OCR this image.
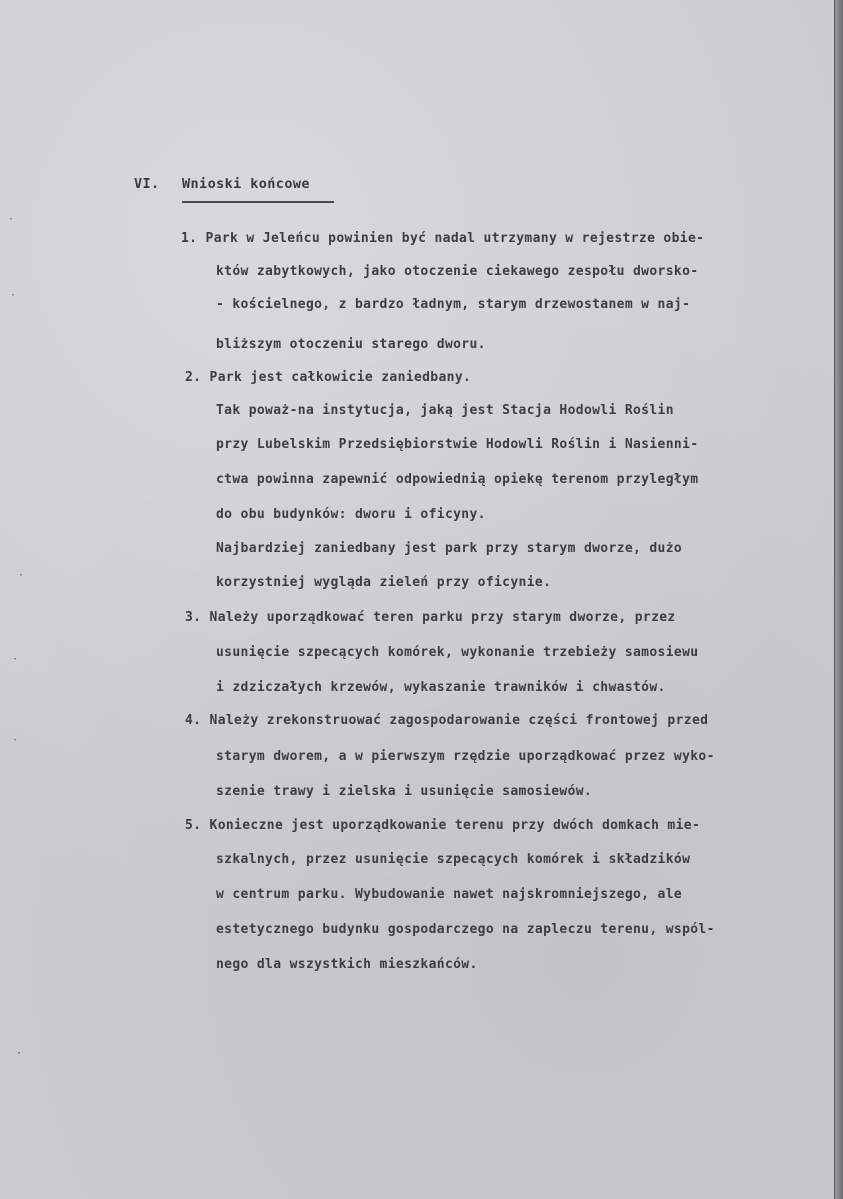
VI. Wnioski końcowe
1. Park w Jeleńcu powinien być nadal utrzymany w rejestrze obie-
któw zabytkowych, jako otoczenie ciekawego zespołu dworsko-
- kościelnego, z bardzo ładnym, starym drzewostanem w naj-
bliższym otoczeniu starego dworu.
2. Park jest całkowicie zaniedbany.
Tak poważ-na instytucja, jaką jest Stacja Hodowli Roślin
przy Lubelskim Przedsiębiorstwie Hodowli Roślin i Nasienni-
ctwa powinna zapewnić odpowiednią opiekę terenom przyległym
do obu budynków: dworu i oficyny.
Najbardziej zaniedbany jest park przy starym dworze, dużo
korzystniej wygląda zieleń przy oficynie.
3. Należy uporządkować teren parku przy starym dworze, przez
usunięcie szpecących komórek, wykonanie trzebieży samosiewu
i zdziczałych krzewów, wykaszanie trawników i chwastów.
4. Należy zrekonstruować zagospodarowanie części frontowej przed
starym dworem, a w pierwszym rzędzie uporządkować przez wyko-
szenie trawy i zielska i usunięcie samosiewów.
5. Konieczne jest uporządkowanie terenu przy dwóch domkach mie-
szkalnych, przez usunięcie szpecących komórek i składzików
w centrum parku. Wybudowanie nawet najskromniejszego, ale
estetycznego budynku gospodarczego na zapleczu terenu, wspól-
nego dla wszystkich mieszkańców.
·
·
·
·
·
·
